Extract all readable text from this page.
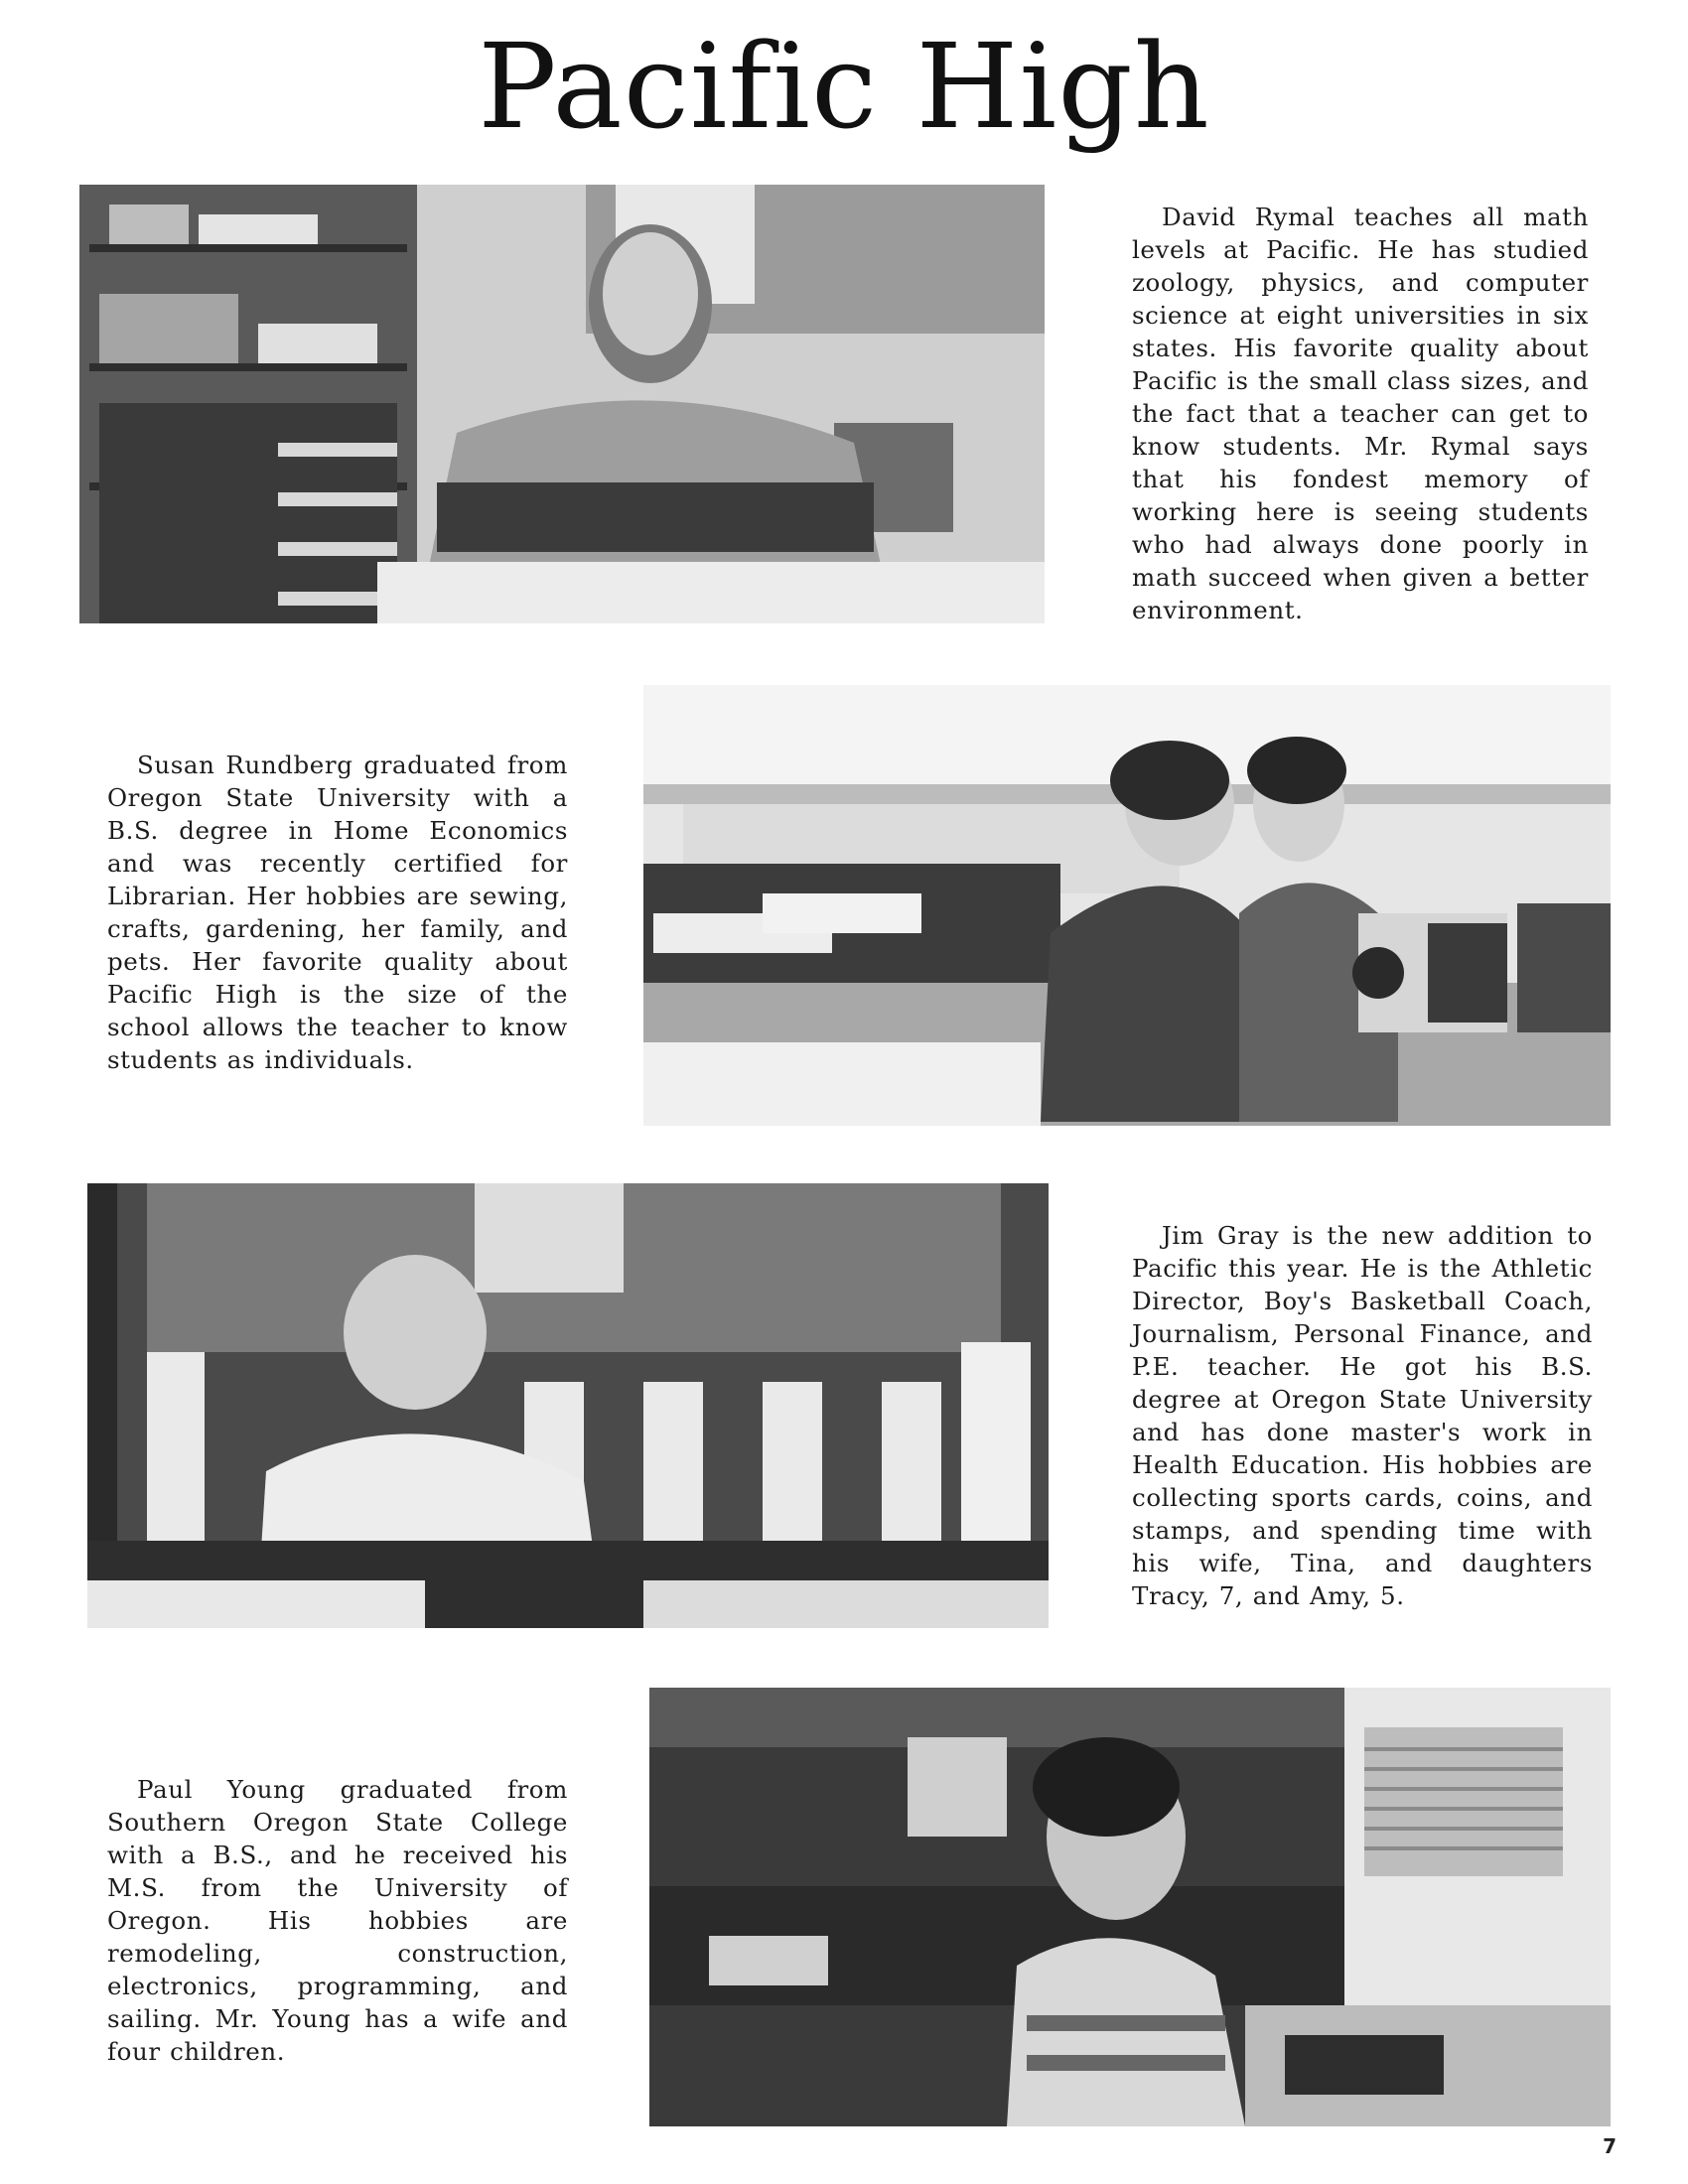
Pacific High

David Rymal teaches all math levels at Pacific. He has studied zoology, physics, and computer science at eight universities in six states. His favorite quality about Pacific is the small class sizes, and the fact that a teacher can get to know students. Mr. Rymal says that his fondest memory of working here is seeing students who had always done poorly in math succeed when given a better environment.

Susan Rundberg graduated from Oregon State University with a B.S. degree in Home Economics and was recently certified for Librarian. Her hobbies are sewing, crafts, gardening, her family, and pets. Her favorite quality about Pacific High is the size of the school allows the teacher to know students as individuals.

Jim Gray is the new addition to Pacific this year. He is the Athletic Director, Boy's Basketball Coach, Journalism, Personal Finance, and P.E. teacher. He got his B.S. degree at Oregon State University and has done master's work in Health Education. His hobbies are collecting sports cards, coins, and stamps, and spending time with his wife, Tina, and daughters Tracy, 7, and Amy, 5.

Paul Young graduated from Southern Oregon State College with a B.S., and he received his M.S. from the University of Oregon. His hobbies are remodeling, construction, electronics, programming, and sailing. Mr. Young has a wife and four children.

7
